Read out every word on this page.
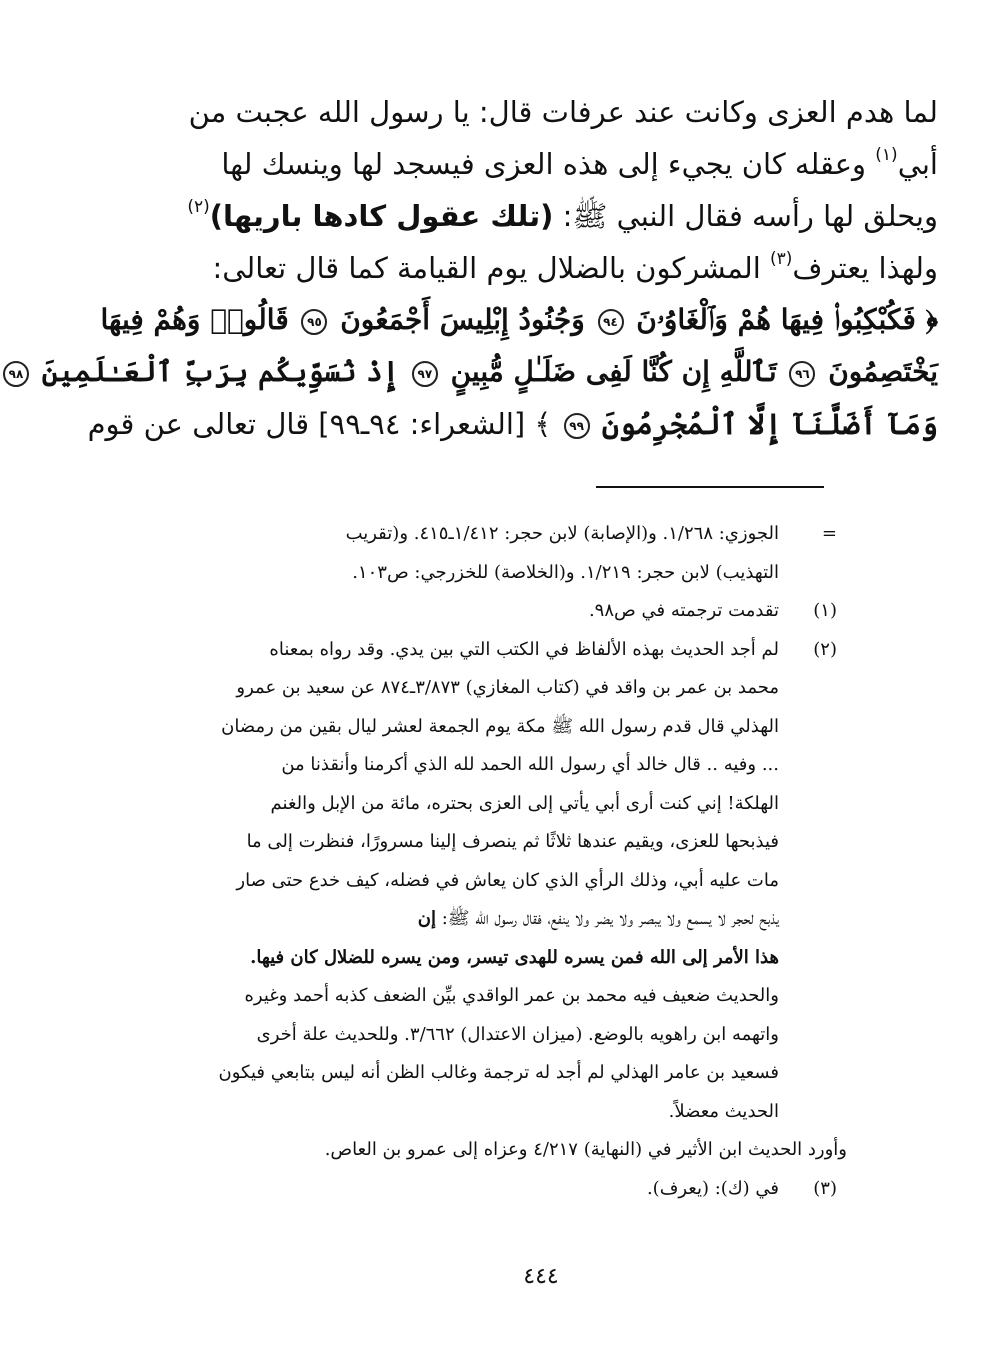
لما هدم العزى وكانت عند عرفات قال: يا رسول الله عجبت من
أبي$^{(١)}$ وعقله كان يجيء إلى هذه العزى فيسجد لها وينسك لها
ويحلق لها رأسه فقال النبي ﷺ: (تلك عقول كادها باريها)$^{(٢)}$
ولهذا يعترف$^{(٣)}$ المشركون بالضلال يوم القيامة كما قال تعالى:
﴿ فَكُبْكِبُوا۟ فِيهَا هُمْ وَٱلْغَاوُۥنَ ٩٤ وَجُنُودُ إِبْلِيسَ أَجْمَعُونَ ٩٥ قَالُوا۟ وَهُمْ فِيهَا
يَخْتَصِمُونَ ٩٦ تَٱللَّهِ إِن كُنَّا لَفِى ضَلَـٰلٍ مُّبِينٍ ٩٧ إِذْ نُسَوِّيكُم بِرَبِّ ٱلْعَـٰلَمِينَ ٩٨
وَمَآ أَضَلَّنَآ إِلَّا ٱلْمُجْرِمُونَ ٩٩ ﴾ [الشعراء: ٩٤ـ٩٩] قال تعالى عن قوم
=
الجوزي: ١/٢٦٨. و(الإصابة) لابن حجر: ١/٤١٢ـ٤١٥. و(تقريب
التهذيب) لابن حجر: ١/٢١٩. و(الخلاصة) للخزرجي: ص١٠٣.
(١)
تقدمت ترجمته في ص٩٨.
(٢)
لم أجد الحديث بهذه الألفاظ في الكتب التي بين يدي. وقد رواه بمعناه
محمد بن عمر بن واقد في (كتاب المغازي) ٣/٨٧٣ـ٨٧٤ عن سعيد بن عمرو
الهذلي قال قدم رسول الله ﷺ مكة يوم الجمعة لعشر ليال بقين من رمضان
... وفيه .. قال خالد أي رسول الله الحمد لله الذي أكرمنا وأنقذنا من
الهلكة! إني كنت أرى أبي يأتي إلى العزى بحتره، مائة من الإبل والغنم
فيذبحها للعزى، ويقيم عندها ثلاثًا ثم ينصرف إلينا مسرورًا، فنظرت إلى ما
مات عليه أبي، وذلك الرأي الذي كان يعاش في فضله، كيف خدع حتى صار
يذبح لحجر لا يسمع ولا يبصر ولا يضر ولا ينفع، فقال رسول الله ﷺ: إن
هذا الأمر إلى الله فمن يسره للهدى تيسر، ومن يسره للضلال كان فيها.
والحديث ضعيف فيه محمد بن عمر الواقدي بيِّن الضعف كذبه أحمد وغيره
واتهمه ابن راهويه بالوضع. (ميزان الاعتدال) ٣/٦٦٢. وللحديث علة أخرى
فسعيد بن عامر الهذلي لم أجد له ترجمة وغالب الظن أنه ليس بتابعي فيكون
الحديث معضلاً.
وأورد الحديث ابن الأثير في (النهاية) ٤/٢١٧ وعزاه إلى عمرو بن العاص.
(٣)
في (ك): (يعرف).
٤٤٤
